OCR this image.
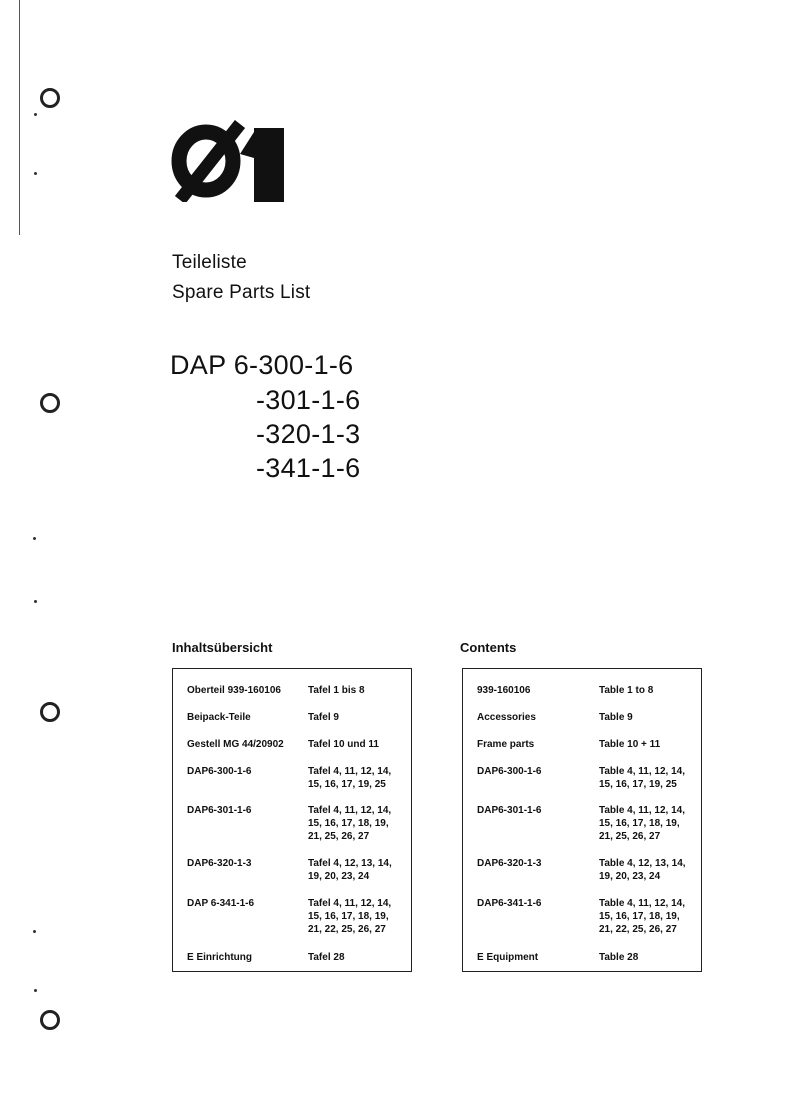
Teileliste
Spare Parts List
DAP 6-300-1-6
-301-1-6
-320-1-3
-341-1-6
Inhaltsübersicht
Oberteil 939-160106	Tafel 1 bis 8
Beipack-Teile	Tafel 9
Gestell MG 44/20902 Tafel 10 und 11
DAP6-300-1-6	Tafel 4, 11, 12, 14,
15, 16, 17, 19, 25
DAP6-301-1-6	Tafel 4, 11, 12, 14,
15, 16, 17, 18, 19,
21, 25, 26, 27
DAP6-320-1-3	Tafel 4, 12, 13, 14,
19, 20, 23, 24
DAP 6-341-1-6	Tafel 4, 11, 12, 14,
15, 16, 17, 18, 19,
21, 22, 25, 26, 27
E Einrichtung	Tafel 28
Contents
939-160106	Table 1 to 8
Accessories	Table 9
Frame parts	Table 10 + 11
DAP6-300-1-6	Table 4, 11, 12, 14,
15, 16, 17, 19, 25
DAP6-301-1-6	Table 4, 11, 12, 14,
15, 16, 17, 18, 19,
21, 25, 26, 27
DAP6-320-1-3	Table 4, 12, 13, 14,
19, 20, 23, 24
DAP6-341-1-6	Table 4, 11, 12, 14,
15, 16, 17, 18, 19,
21, 22, 25, 26, 27
E Equipment	Table 28
